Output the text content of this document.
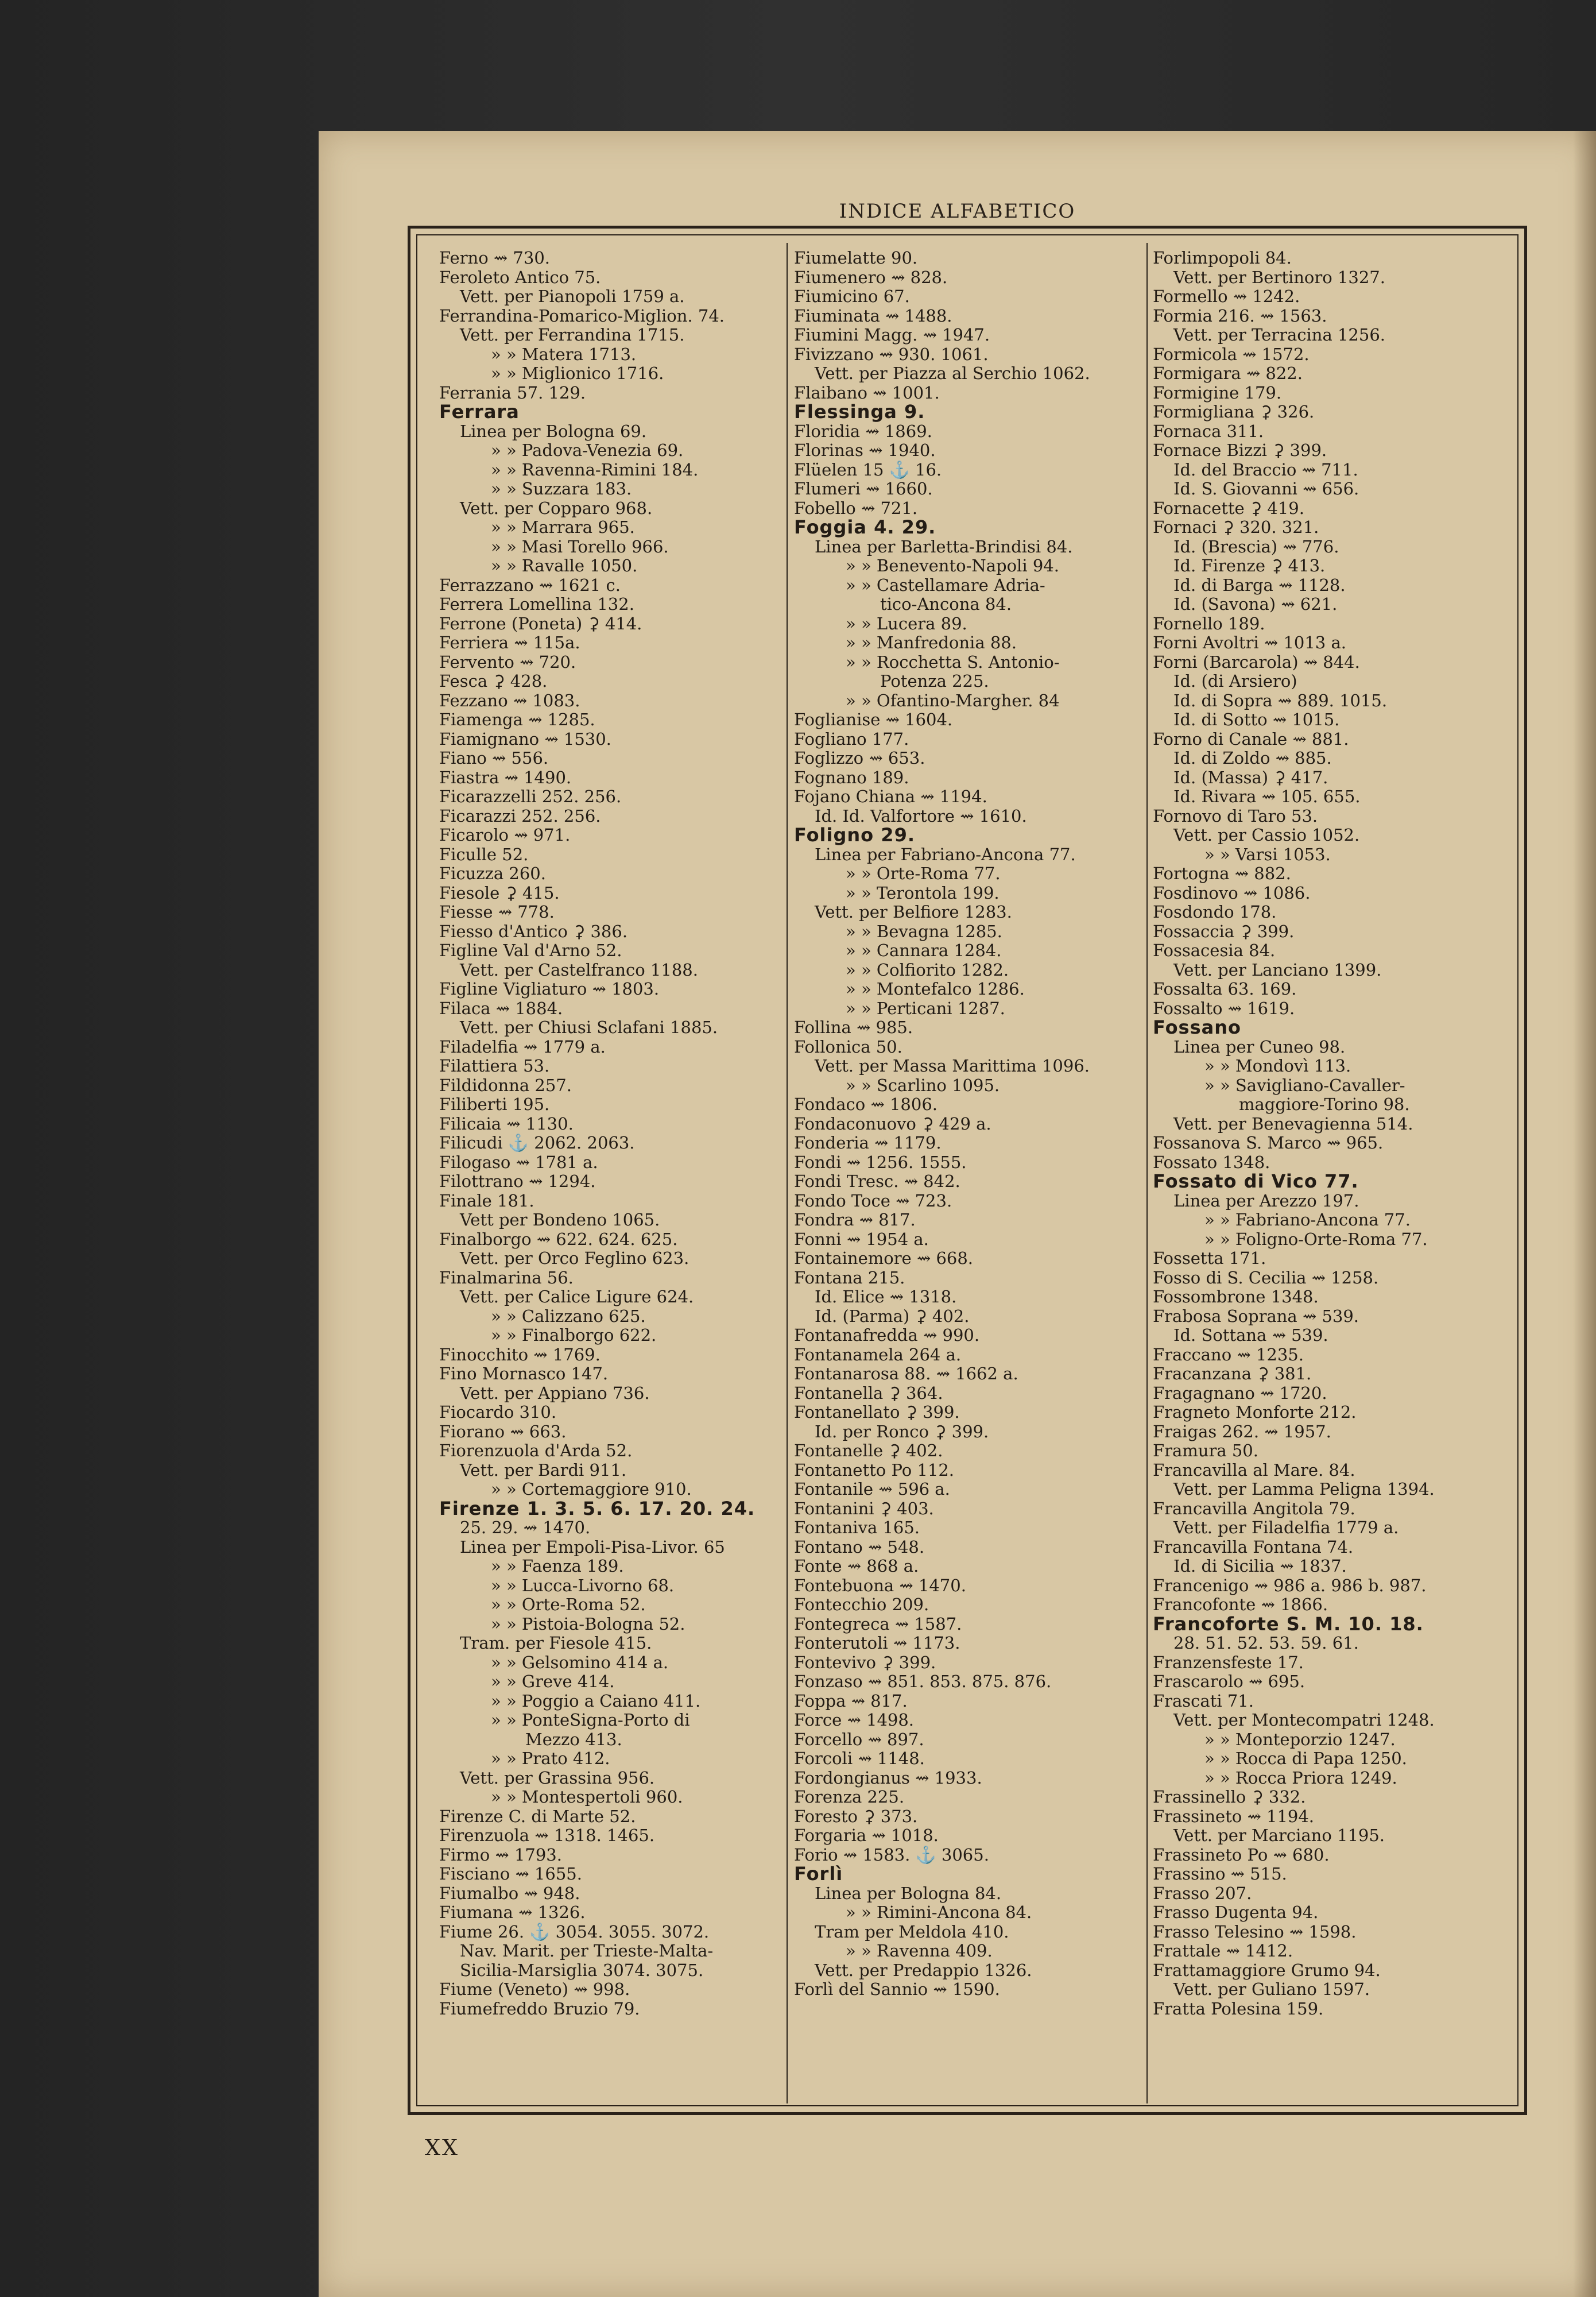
INDICE ALFABETICO
Ferno ⇝ 730.
Feroleto Antico 75.
Vett. per Pianopoli 1759 a.
Ferrandina-Pomarico-Miglion. 74.
Vett. per Ferrandina 1715.
» » Matera 1713.
» » Miglionico 1716.
Ferrania 57. 129.
Ferrara
Linea per Bologna 69.
» » Padova-Venezia 69.
» » Ravenna-Rimini 184.
» » Suzzara 183.
Vett. per Copparo 968.
» » Marrara 965.
» » Masi Torello 966.
» » Ravalle 1050.
Ferrazzano ⇝ 1621 c.
Ferrera Lomellina 132.
Ferrone (Poneta) ⚳ 414.
Ferriera ⇝ 115a.
Fervento ⇝ 720.
Fesca ⚳ 428.
Fezzano ⇝ 1083.
Fiamenga ⇝ 1285.
Fiamignano ⇝ 1530.
Fiano ⇝ 556.
Fiastra ⇝ 1490.
Ficarazzelli 252. 256.
Ficarazzi 252. 256.
Ficarolo ⇝ 971.
Ficulle 52.
Ficuzza 260.
Fiesole ⚳ 415.
Fiesse ⇝ 778.
Fiesso d'Antico ⚳ 386.
Figline Val d'Arno 52.
Vett. per Castelfranco 1188.
Figline Vigliaturo ⇝ 1803.
Filaca ⇝ 1884.
Vett. per Chiusi Sclafani 1885.
Filadelfia ⇝ 1779 a.
Filattiera 53.
Fildidonna 257.
Filiberti 195.
Filicaia ⇝ 1130.
Filicudi ⚓ 2062. 2063.
Filogaso ⇝ 1781 a.
Filottrano ⇝ 1294.
Finale 181.
Vett per Bondeno 1065.
Finalborgo ⇝ 622. 624. 625.
Vett. per Orco Feglino 623.
Finalmarina 56.
Vett. per Calice Ligure 624.
» » Calizzano 625.
» » Finalborgo 622.
Finocchito ⇝ 1769.
Fino Mornasco 147.
Vett. per Appiano 736.
Fiocardo 310.
Fiorano ⇝ 663.
Fiorenzuola d'Arda 52.
Vett. per Bardi 911.
» » Cortemaggiore 910.
Firenze 1. 3. 5. 6. 17. 20. 24.
25. 29. ⇝ 1470.
Linea per Empoli-Pisa-Livor. 65
» » Faenza 189.
» » Lucca-Livorno 68.
» » Orte-Roma 52.
» » Pistoia-Bologna 52.
Tram. per Fiesole 415.
» » Gelsomino 414 a.
» » Greve 414.
» » Poggio a Caiano 411.
» » PonteSigna-Porto di
Mezzo 413.
» » Prato 412.
Vett. per Grassina 956.
» » Montespertoli 960.
Firenze C. di Marte 52.
Firenzuola ⇝ 1318. 1465.
Firmo ⇝ 1793.
Fisciano ⇝ 1655.
Fiumalbo ⇝ 948.
Fiumana ⇝ 1326.
Fiume 26. ⚓ 3054. 3055. 3072.
Nav. Marit. per Trieste-Malta-
Sicilia-Marsiglia 3074. 3075.
Fiume (Veneto) ⇝ 998.
Fiumefreddo Bruzio 79.
Fiumelatte 90.
Fiumenero ⇝ 828.
Fiumicino 67.
Fiuminata ⇝ 1488.
Fiumini Magg. ⇝ 1947.
Fivizzano ⇝ 930. 1061.
Vett. per Piazza al Serchio 1062.
Flaibano ⇝ 1001.
Flessinga 9.
Floridia ⇝ 1869.
Florinas ⇝ 1940.
Flüelen 15 ⚓ 16.
Flumeri ⇝ 1660.
Fobello ⇝ 721.
Foggia 4. 29.
Linea per Barletta-Brindisi 84.
» » Benevento-Napoli 94.
» » Castellamare Adria-
tico-Ancona 84.
» » Lucera 89.
» » Manfredonia 88.
» » Rocchetta S. Antonio-
Potenza 225.
» » Ofantino-Margher. 84
Foglianise ⇝ 1604.
Fogliano 177.
Foglizzo ⇝ 653.
Fognano 189.
Fojano Chiana ⇝ 1194.
Id. Id. Valfortore ⇝ 1610.
Foligno 29.
Linea per Fabriano-Ancona 77.
» » Orte-Roma 77.
» » Terontola 199.
Vett. per Belfiore 1283.
» » Bevagna 1285.
» » Cannara 1284.
» » Colfiorito 1282.
» » Montefalco 1286.
» » Perticani 1287.
Follina ⇝ 985.
Follonica 50.
Vett. per Massa Marittima 1096.
» » Scarlino 1095.
Fondaco ⇝ 1806.
Fondaconuovo ⚳ 429 a.
Fonderia ⇝ 1179.
Fondi ⇝ 1256. 1555.
Fondi Tresc. ⇝ 842.
Fondo Toce ⇝ 723.
Fondra ⇝ 817.
Fonni ⇝ 1954 a.
Fontainemore ⇝ 668.
Fontana 215.
Id. Elice ⇝ 1318.
Id. (Parma) ⚳ 402.
Fontanafredda ⇝ 990.
Fontanamela 264 a.
Fontanarosa 88. ⇝ 1662 a.
Fontanella ⚳ 364.
Fontanellato ⚳ 399.
Id. per Ronco ⚳ 399.
Fontanelle ⚳ 402.
Fontanetto Po 112.
Fontanile ⇝ 596 a.
Fontanini ⚳ 403.
Fontaniva 165.
Fontano ⇝ 548.
Fonte ⇝ 868 a.
Fontebuona ⇝ 1470.
Fontecchio 209.
Fontegreca ⇝ 1587.
Fonterutoli ⇝ 1173.
Fontevivo ⚳ 399.
Fonzaso ⇝ 851. 853. 875. 876.
Foppa ⇝ 817.
Force ⇝ 1498.
Forcello ⇝ 897.
Forcoli ⇝ 1148.
Fordongianus ⇝ 1933.
Forenza 225.
Foresto ⚳ 373.
Forgaria ⇝ 1018.
Forio ⇝ 1583. ⚓ 3065.
Forlì
Linea per Bologna 84.
» » Rimini-Ancona 84.
Tram per Meldola 410.
» » Ravenna 409.
Vett. per Predappio 1326.
Forlì del Sannio ⇝ 1590.
Forlimpopoli 84.
Vett. per Bertinoro 1327.
Formello ⇝ 1242.
Formia 216. ⇝ 1563.
Vett. per Terracina 1256.
Formicola ⇝ 1572.
Formigara ⇝ 822.
Formigine 179.
Formigliana ⚳ 326.
Fornaca 311.
Fornace Bizzi ⚳ 399.
Id. del Braccio ⇝ 711.
Id. S. Giovanni ⇝ 656.
Fornacette ⚳ 419.
Fornaci ⚳ 320. 321.
Id. (Brescia) ⇝ 776.
Id. Firenze ⚳ 413.
Id. di Barga ⇝ 1128.
Id. (Savona) ⇝ 621.
Fornello 189.
Forni Avoltri ⇝ 1013 a.
Forni (Barcarola) ⇝ 844.
Id. (di Arsiero)
Id. di Sopra ⇝ 889. 1015.
Id. di Sotto ⇝ 1015.
Forno di Canale ⇝ 881.
Id. di Zoldo ⇝ 885.
Id. (Massa) ⚳ 417.
Id. Rivara ⇝ 105. 655.
Fornovo di Taro 53.
Vett. per Cassio 1052.
» » Varsi 1053.
Fortogna ⇝ 882.
Fosdinovo ⇝ 1086.
Fosdondo 178.
Fossaccia ⚳ 399.
Fossacesia 84.
Vett. per Lanciano 1399.
Fossalta 63. 169.
Fossalto ⇝ 1619.
Fossano
Linea per Cuneo 98.
» » Mondovì 113.
» » Savigliano-Cavaller-
maggiore-Torino 98.
Vett. per Benevagienna 514.
Fossanova S. Marco ⇝ 965.
Fossato 1348.
Fossato di Vico 77.
Linea per Arezzo 197.
» » Fabriano-Ancona 77.
» » Foligno-Orte-Roma 77.
Fossetta 171.
Fosso di S. Cecilia ⇝ 1258.
Fossombrone 1348.
Frabosa Soprana ⇝ 539.
Id. Sottana ⇝ 539.
Fraccano ⇝ 1235.
Fracanzana ⚳ 381.
Fragagnano ⇝ 1720.
Fragneto Monforte 212.
Fraigas 262. ⇝ 1957.
Framura 50.
Francavilla al Mare. 84.
Vett. per Lamma Peligna 1394.
Francavilla Angitola 79.
Vett. per Filadelfia 1779 a.
Francavilla Fontana 74.
Id. di Sicilia ⇝ 1837.
Francenigo ⇝ 986 a. 986 b. 987.
Francofonte ⇝ 1866.
Francoforte S. M. 10. 18.
28. 51. 52. 53. 59. 61.
Franzensfeste 17.
Frascarolo ⇝ 695.
Frascati 71.
Vett. per Montecompatri 1248.
» » Monteporzio 1247.
» » Rocca di Papa 1250.
» » Rocca Priora 1249.
Frassinello ⚳ 332.
Frassineto ⇝ 1194.
Vett. per Marciano 1195.
Frassineto Po ⇝ 680.
Frassino ⇝ 515.
Frasso 207.
Frasso Dugenta 94.
Frasso Telesino ⇝ 1598.
Frattale ⇝ 1412.
Frattamaggiore Grumo 94.
Vett. per Guliano 1597.
Fratta Polesina 159.
XX
